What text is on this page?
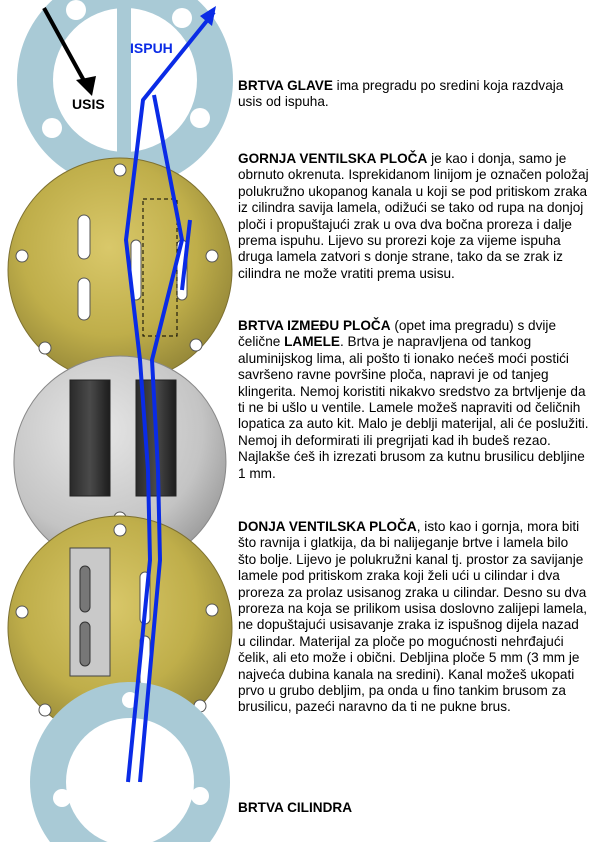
USIS
ISPUH

BRTVA GLAVE ima pregradu po sredini koja razdvaja usis od ispuha.

GORNJA VENTILSKA PLOČA je kao i donja, samo je obrnuto okrenuta. Isprekidanom linijom je označen položaj polukružno ukopanog kanala u koji se pod pritiskom zraka iz cilindra savija lamela, odižući se tako od rupa na donjoj ploči i propuštajući zrak u ova dva bočna proreza i dalje prema ispuhu. Lijevo su prorezi koje za vijeme ispuha druga lamela zatvori s donje strane, tako da se zrak iz cilindra ne može vratiti prema usisu.

BRTVA IZMEĐU PLOČA (opet ima pregradu) s dvije čelične LAMELE. Brtva je napravljena od tankog aluminijskog lima, ali pošto ti ionako nećeš moći postići savršeno ravne površine ploča, napravi je od tanjeg klingerita. Nemoj koristiti nikakvo sredstvo za brtvljenje da ti ne bi ušlo u ventile. Lamele možeš napraviti od čeličnih lopatica za auto kit. Malo je deblji materijal, ali će poslužiti. Nemoj ih deformirati ili pregrijati kad ih budeš rezao. Najlakše ćeš ih izrezati brusom za kutnu brusilicu debljine 1 mm.

DONJA VENTILSKA PLOČA, isto kao i gornja, mora biti što ravnija i glatkija, da bi nalijeganje brtve i lamela bilo što bolje. Lijevo je polukružni kanal tj. prostor za savijanje lamele pod pritiskom zraka koji želi ući u cilindar i dva proreza za prolaz usisanog zraka u cilindar. Desno su dva proreza na koja se prilikom usisa doslovno zalijepi lamela, ne dopuštajući usisavanje zraka iz ispušnog dijela nazad u cilindar. Materijal za ploče po mogućnosti nehrđajući čelik, ali eto može i obični. Debljina ploče 5 mm (3 mm je najveća dubina kanala na sredini). Kanal možeš ukopati prvo u grubo debljim, pa onda u fino tankim brusom za brusilicu, pazeći naravno da ti ne pukne brus.

BRTVA CILINDRA
